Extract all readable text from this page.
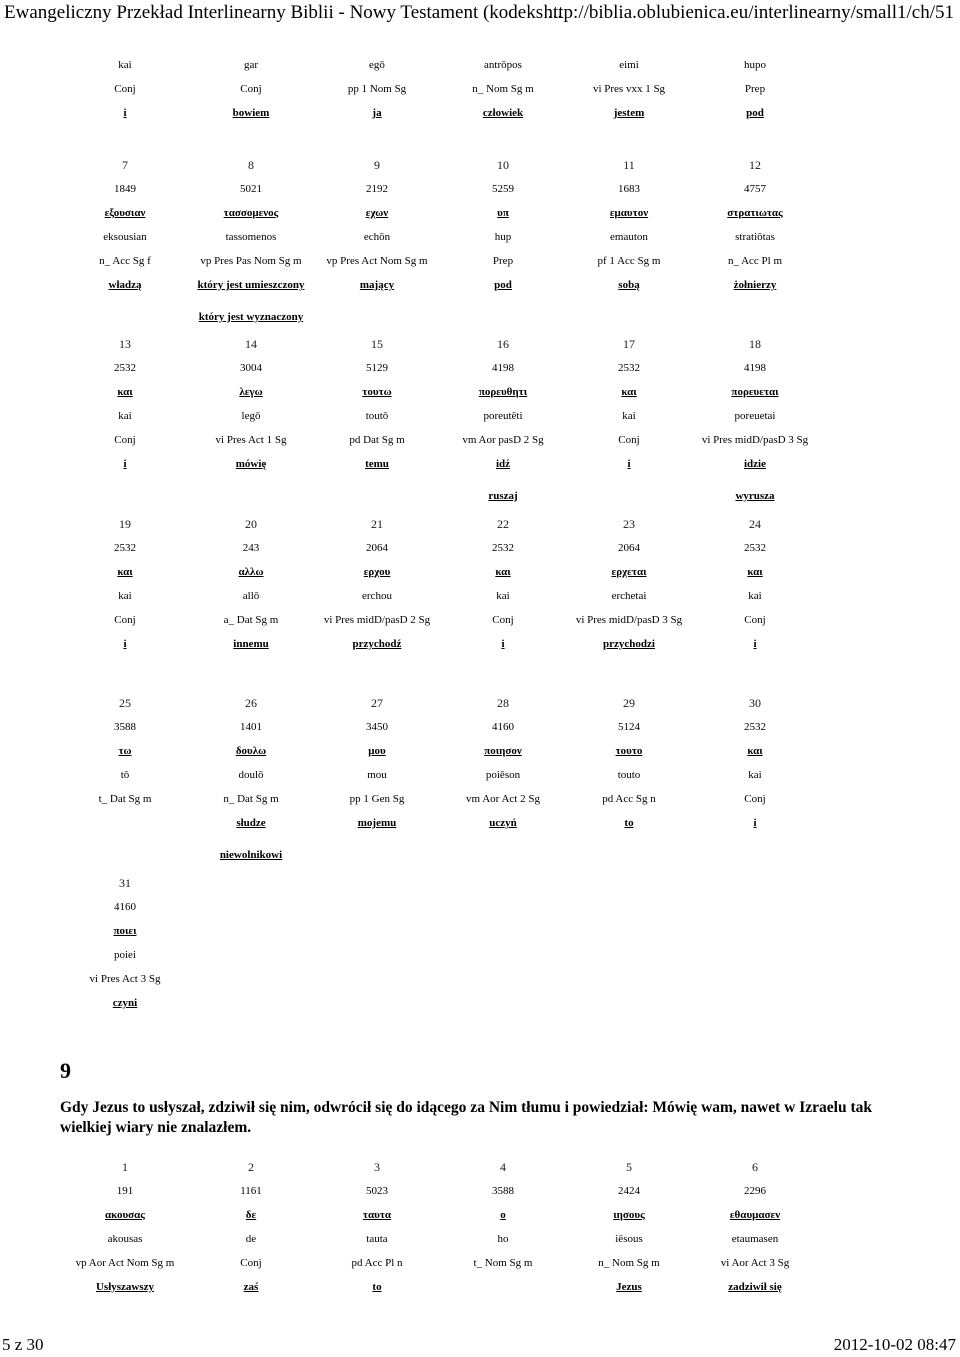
Ewangeliczny Przekład Interlinearny Biblii - Nowy Testament (kodeks ...
http://biblia.oblubienica.eu/interlinearny/small1/ch/51
kai
Conj
i
gar
Conj
bowiem
egō
pp 1 Nom Sg
ja
antrōpos
n_ Nom Sg m
człowiek
eimi
vi Pres vxx 1 Sg
jestem
hupo
Prep
pod
7
1849
εξουσιαν
eksousian
n_ Acc Sg f
władzą
8
5021
τασσομενος
tassomenos
vp Pres Pas Nom Sg m
który jest umieszczony
który jest wyznaczony
9
2192
εχων
echōn
vp Pres Act Nom Sg m
mający
10
5259
υπ
hup
Prep
pod
11
1683
εμαυτον
emauton
pf 1 Acc Sg m
sobą
12
4757
στρατιωτας
stratiōtas
n_ Acc Pl m
żołnierzy
13
2532
και
kai
Conj
i
14
3004
λεγω
legō
vi Pres Act 1 Sg
mówię
15
5129
τουτω
toutō
pd Dat Sg m
temu
16
4198
πορευθητι
poreutēti
vm Aor pasD 2 Sg
idź
ruszaj
17
2532
και
kai
Conj
i
18
4198
πορευεται
poreuetai
vi Pres midD/pasD 3 Sg
idzie
wyrusza
19
2532
και
kai
Conj
i
20
243
αλλω
allō
a_ Dat Sg m
innemu
21
2064
ερχου
erchou
vi Pres midD/pasD 2 Sg
przychodź
22
2532
και
kai
Conj
i
23
2064
ερχεται
erchetai
vi Pres midD/pasD 3 Sg
przychodzi
24
2532
και
kai
Conj
i
25
3588
τω
tō
t_ Dat Sg m
26
1401
δουλω
doulō
n_ Dat Sg m
słudze
niewolnikowi
27
3450
μου
mou
pp 1 Gen Sg
mojemu
28
4160
ποιησον
poiēson
vm Aor Act 2 Sg
uczyń
29
5124
τουτο
touto
pd Acc Sg n
to
30
2532
και
kai
Conj
i
31
4160
ποιει
poiei
vi Pres Act 3 Sg
czyni
1
191
ακουσας
akousas
vp Aor Act Nom Sg m
Usłyszawszy
2
1161
δε
de
Conj
zaś
3
5023
ταυτα
tauta
pd Acc Pl n
to
4
3588
ο
ho
t_ Nom Sg m
5
2424
ιησους
iēsous
n_ Nom Sg m
Jezus
6
2296
εθαυμασεν
etaumasen
vi Aor Act 3 Sg
zadziwił się
9
Gdy Jezus to usłyszał, zdziwił się nim, odwrócił się do idącego za Nim tłumu i powiedział: Mówię wam, nawet w Izraelu tak wielkiej wiary nie znalazłem.
5 z 30	2012-10-02 08:47
